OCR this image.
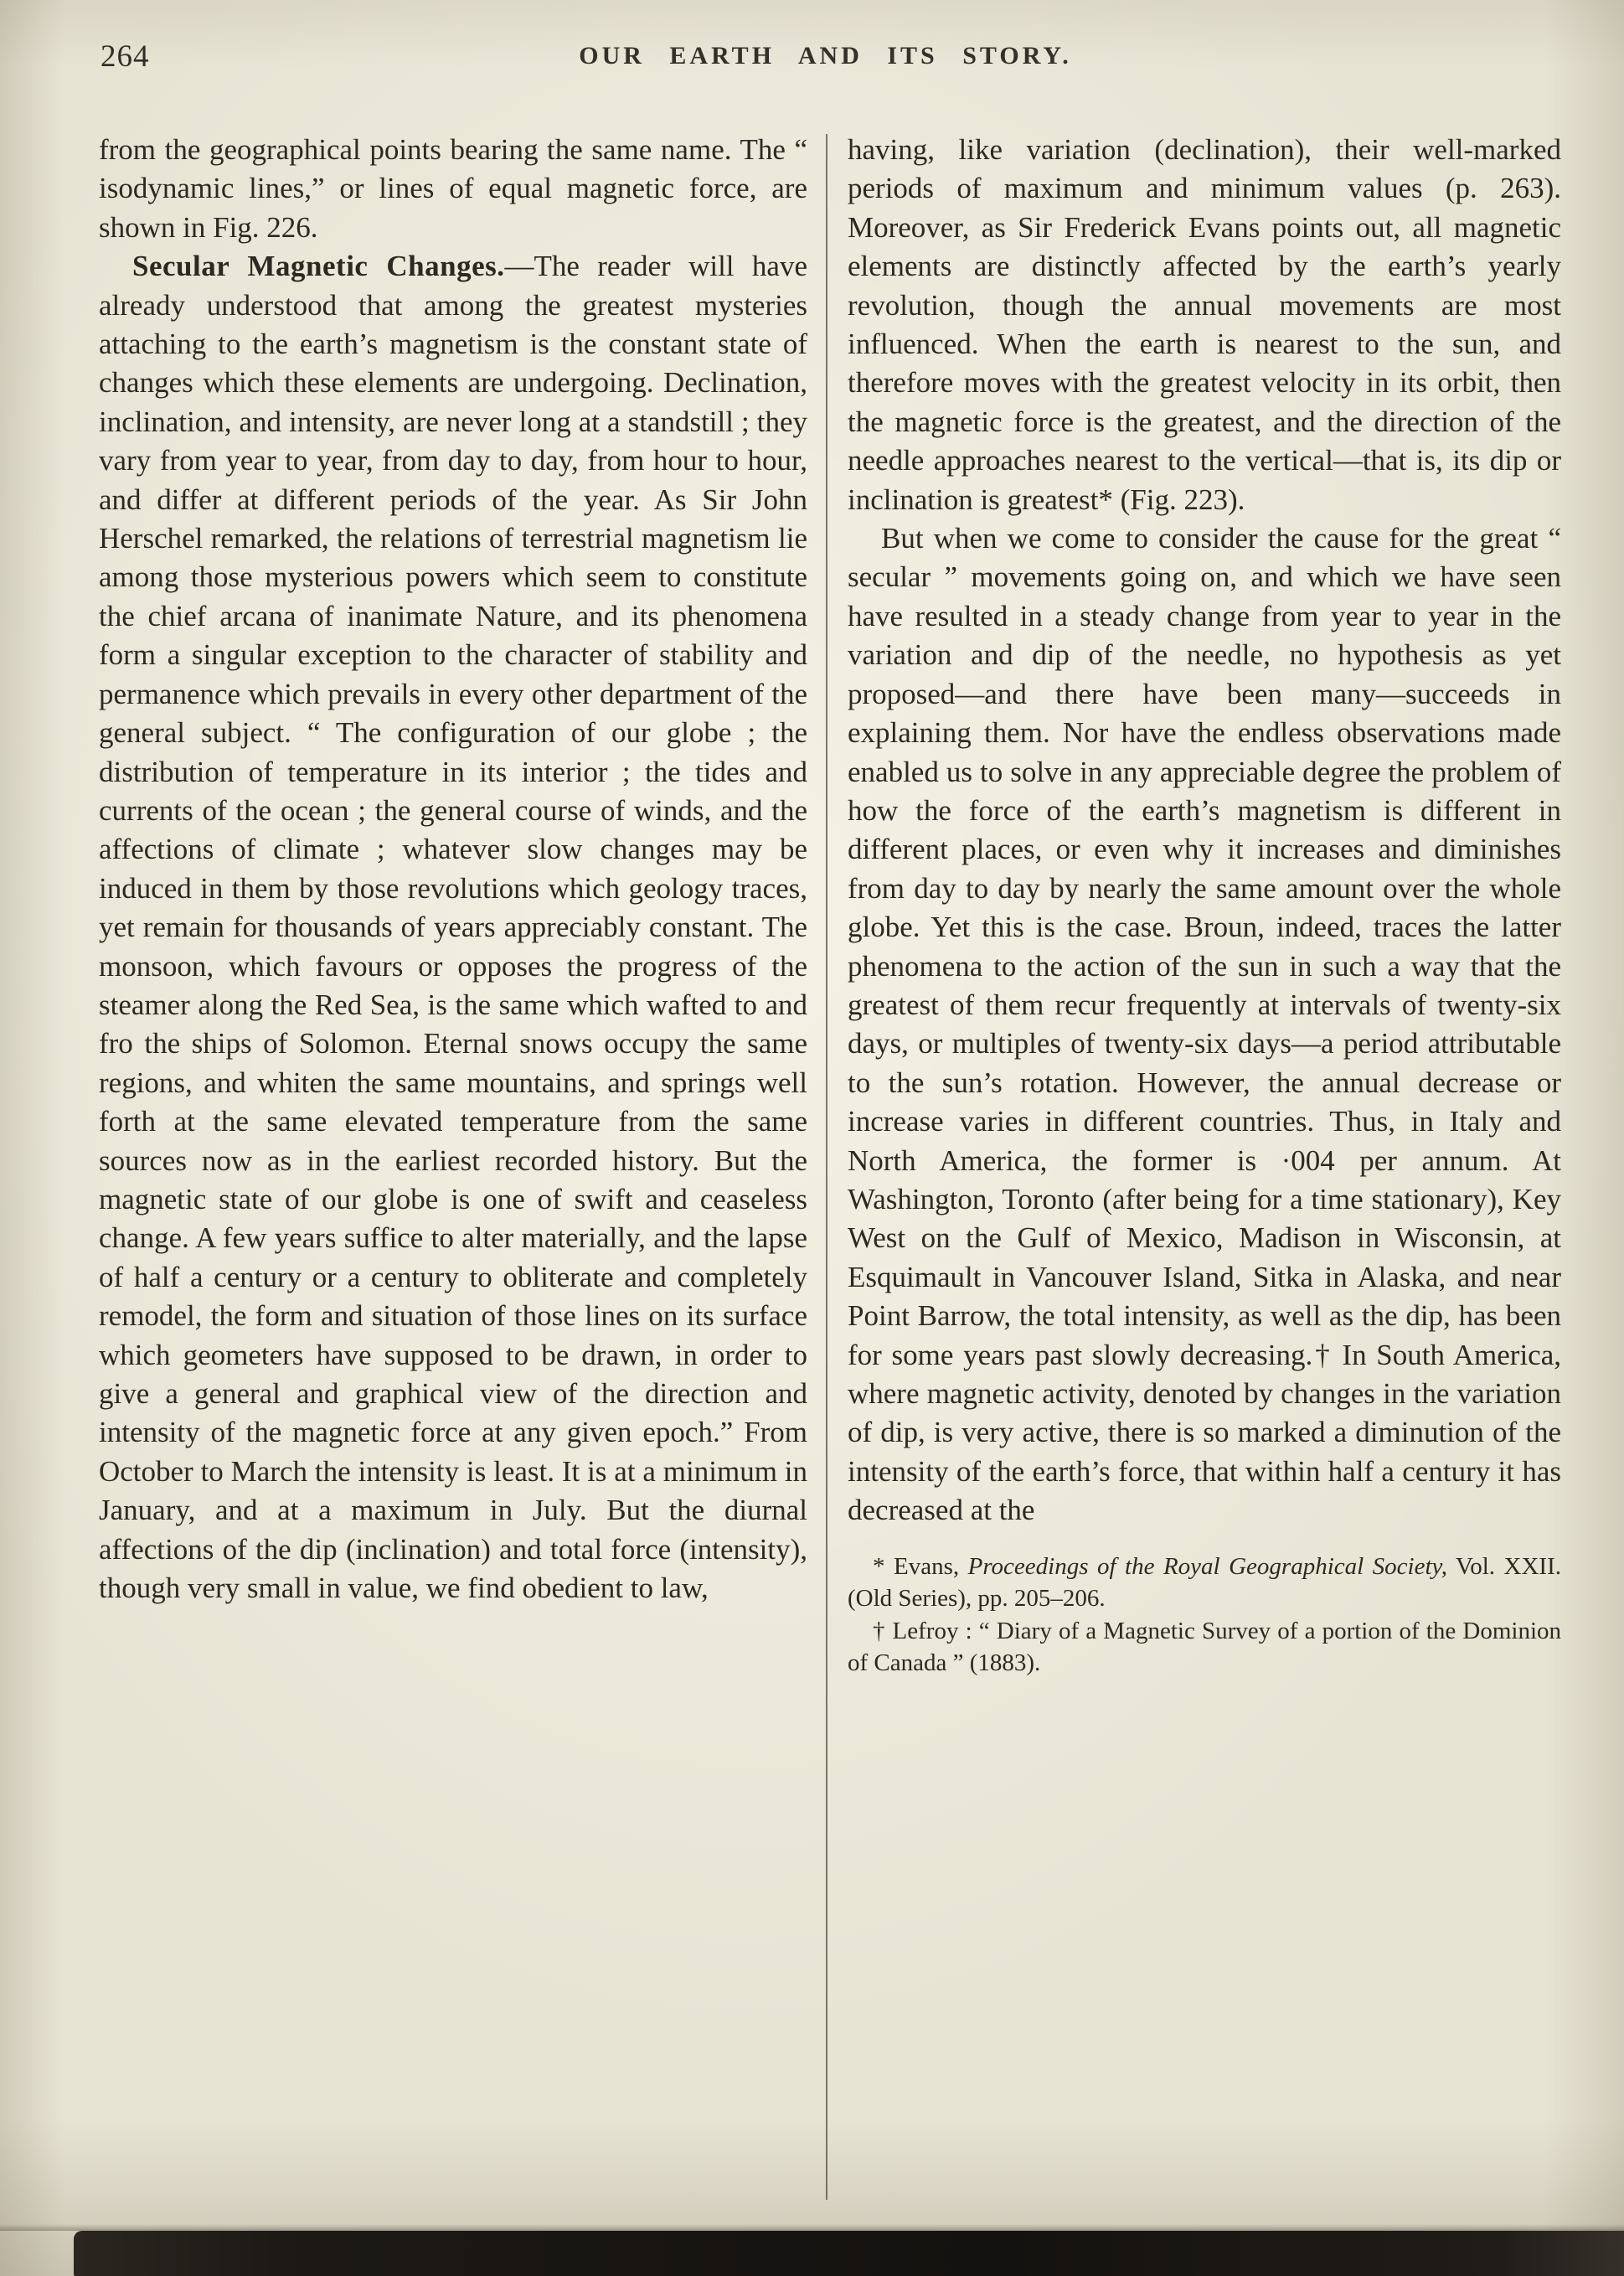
264	OUR EARTH AND ITS STORY.

from the geographical points bearing the same name. The “ isodynamic lines,” or lines of equal magnetic force, are shown in Fig. 226.

Secular Magnetic Changes.—The reader will have already understood that among the greatest mysteries attaching to the earth’s magnetism is the constant state of changes which these elements are undergoing. Declination, inclination, and intensity, are never long at a standstill ; they vary from year to year, from day to day, from hour to hour, and differ at different periods of the year. As Sir John Herschel remarked, the relations of terrestrial magnetism lie among those mysterious powers which seem to constitute the chief arcana of inanimate Nature, and its phenomena form a singular exception to the character of stability and permanence which prevails in every other department of the general subject. “ The configuration of our globe ; the distribution of temperature in its interior ; the tides and currents of the ocean ; the general course of winds, and the affections of climate ; whatever slow changes may be induced in them by those revolutions which geology traces, yet remain for thousands of years appreciably constant. The monsoon, which favours or opposes the progress of the steamer along the Red Sea, is the same which wafted to and fro the ships of Solomon. Eternal snows occupy the same regions, and whiten the same mountains, and springs well forth at the same elevated temperature from the same sources now as in the earliest recorded history. But the magnetic state of our globe is one of swift and ceaseless change. A few years suffice to alter materially, and the lapse of half a century or a century to obliterate and completely remodel, the form and situation of those lines on its surface which geometers have supposed to be drawn, in order to give a general and graphical view of the direction and intensity of the magnetic force at any given epoch.” From October to March the intensity is least. It is at a minimum in January, and at a maximum in July. But the diurnal affections of the dip (inclination) and total force (intensity), though very small in value, we find obedient to law,

having, like variation (declination), their well-marked periods of maximum and minimum values (p. 263). Moreover, as Sir Frederick Evans points out, all magnetic elements are distinctly affected by the earth’s yearly revolution, though the annual movements are most influenced. When the earth is nearest to the sun, and therefore moves with the greatest velocity in its orbit, then the magnetic force is the greatest, and the direction of the needle approaches nearest to the vertical—that is, its dip or inclination is greatest* (Fig. 223).

But when we come to consider the cause for the great “ secular ” movements going on, and which we have seen have resulted in a steady change from year to year in the variation and dip of the needle, no hypothesis as yet proposed—and there have been many—succeeds in explaining them. Nor have the endless observations made enabled us to solve in any appreciable degree the problem of how the force of the earth’s magnetism is different in different places, or even why it increases and diminishes from day to day by nearly the same amount over the whole globe. Yet this is the case. Broun, indeed, traces the latter phenomena to the action of the sun in such a way that the greatest of them recur frequently at intervals of twenty-six days, or multiples of twenty-six days—a period attributable to the sun’s rotation. However, the annual decrease or increase varies in different countries. Thus, in Italy and North America, the former is ·004 per annum. At Washington, Toronto (after being for a time stationary), Key West on the Gulf of Mexico, Madison in Wisconsin, at Esquimault in Vancouver Island, Sitka in Alaska, and near Point Barrow, the total intensity, as well as the dip, has been for some years past slowly decreasing.† In South America, where magnetic activity, denoted by changes in the variation of dip, is very active, there is so marked a diminution of the intensity of the earth’s force, that within half a century it has decreased at the

* Evans, Proceedings of the Royal Geographical Society, Vol. XXII. (Old Series), pp. 205–206.

† Lefroy : “ Diary of a Magnetic Survey of a portion of the Dominion of Canada ” (1883).
